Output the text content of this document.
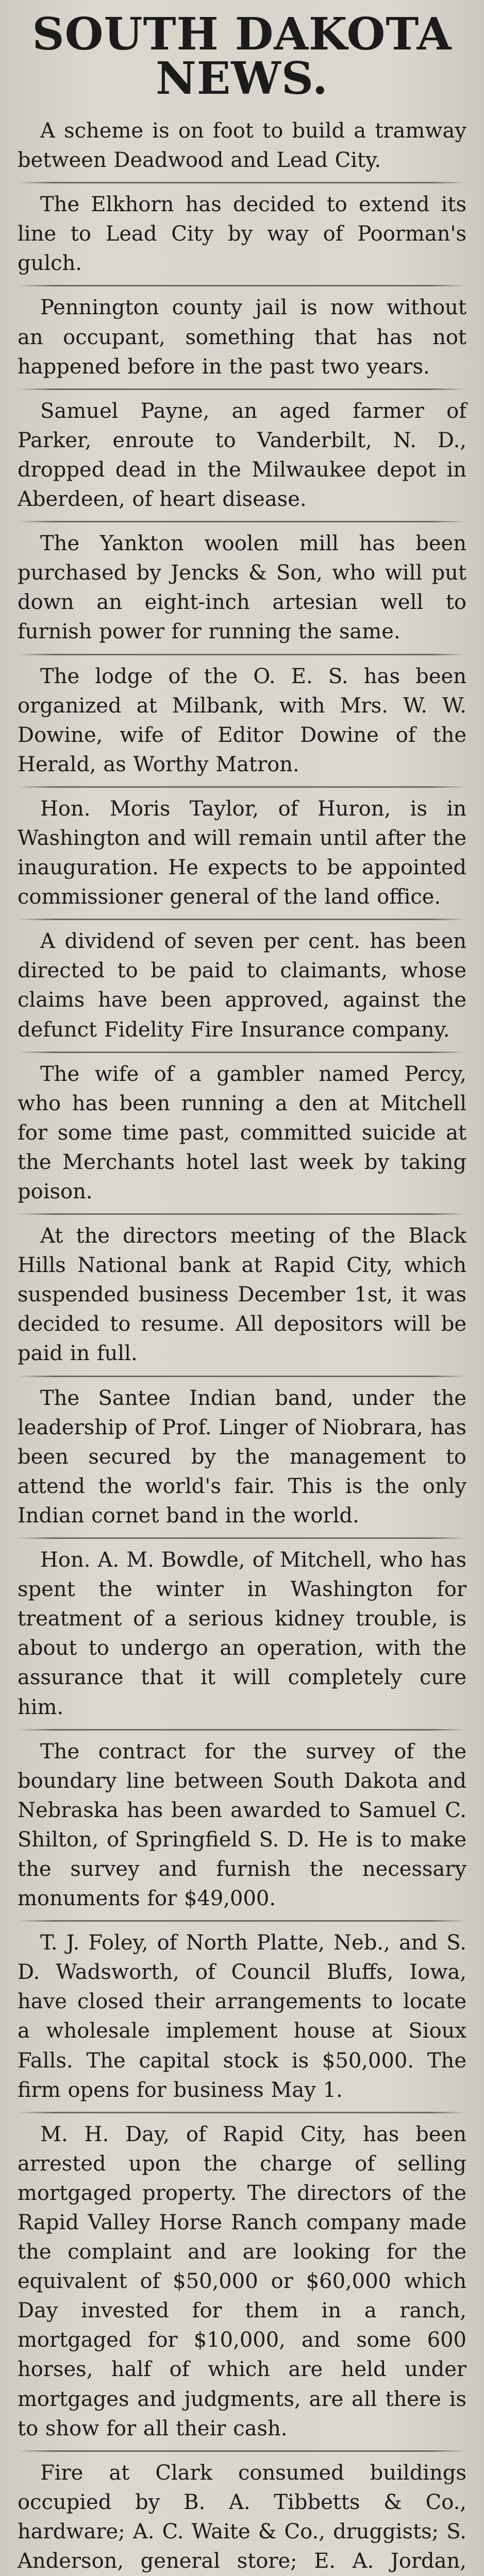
SOUTH DAKOTA NEWS.

A scheme is on foot to build a tramway between Deadwood and Lead City.

The Elkhorn has decided to extend its line to Lead City by way of Poorman's gulch.

Pennington county jail is now without an occupant, something that has not happened before in the past two years.

Samuel Payne, an aged farmer of Parker, enroute to Vanderbilt, N. D., dropped dead in the Milwaukee depot in Aberdeen, of heart disease.

The Yankton woolen mill has been purchased by Jencks & Son, who will put down an eight-inch artesian well to furnish power for running the same.

The lodge of the O. E. S. has been organized at Milbank, with Mrs. W. W. Dowine, wife of Editor Dowine of the Herald, as Worthy Matron.

Hon. Moris Taylor, of Huron, is in Washington and will remain until after the inauguration. He expects to be appointed commissioner general of the land office.

A dividend of seven per cent. has been directed to be paid to claimants, whose claims have been approved, against the defunct Fidelity Fire Insurance company.

The wife of a gambler named Percy, who has been running a den at Mitchell for some time past, committed suicide at the Merchants hotel last week by taking poison.

At the directors meeting of the Black Hills National bank at Rapid City, which suspended business December 1st, it was decided to resume. All depositors will be paid in full.

The Santee Indian band, under the leadership of Prof. Linger of Niobrara, has been secured by the management to attend the world's fair. This is the only Indian cornet band in the world.

Hon. A. M. Bowdle, of Mitchell, who has spent the winter in Washington for treatment of a serious kidney trouble, is about to undergo an operation, with the assurance that it will completely cure him.

The contract for the survey of the boundary line between South Dakota and Nebraska has been awarded to Samuel C. Shilton, of Springfield S. D. He is to make the survey and furnish the necessary monuments for $49,000.

T. J. Foley, of North Platte, Neb., and S. D. Wadsworth, of Council Bluffs, Iowa, have closed their arrangements to locate a wholesale implement house at Sioux Falls. The capital stock is $50,000. The firm opens for business May 1.

M. H. Day, of Rapid City, has been arrested upon the charge of selling mortgaged property. The directors of the Rapid Valley Horse Ranch company made the complaint and are looking for the equivalent of $50,000 or $60,000 which Day invested for them in a ranch, mortgaged for $10,000, and some 600 horses, half of which are held under mortgages and judgments, are all there is to show for all their cash.

Fire at Clark consumed buildings occupied by B. A. Tibbetts & Co., hardware; A. C. Waite & Co., druggists; S. Anderson, general store; E. A. Jordan,
